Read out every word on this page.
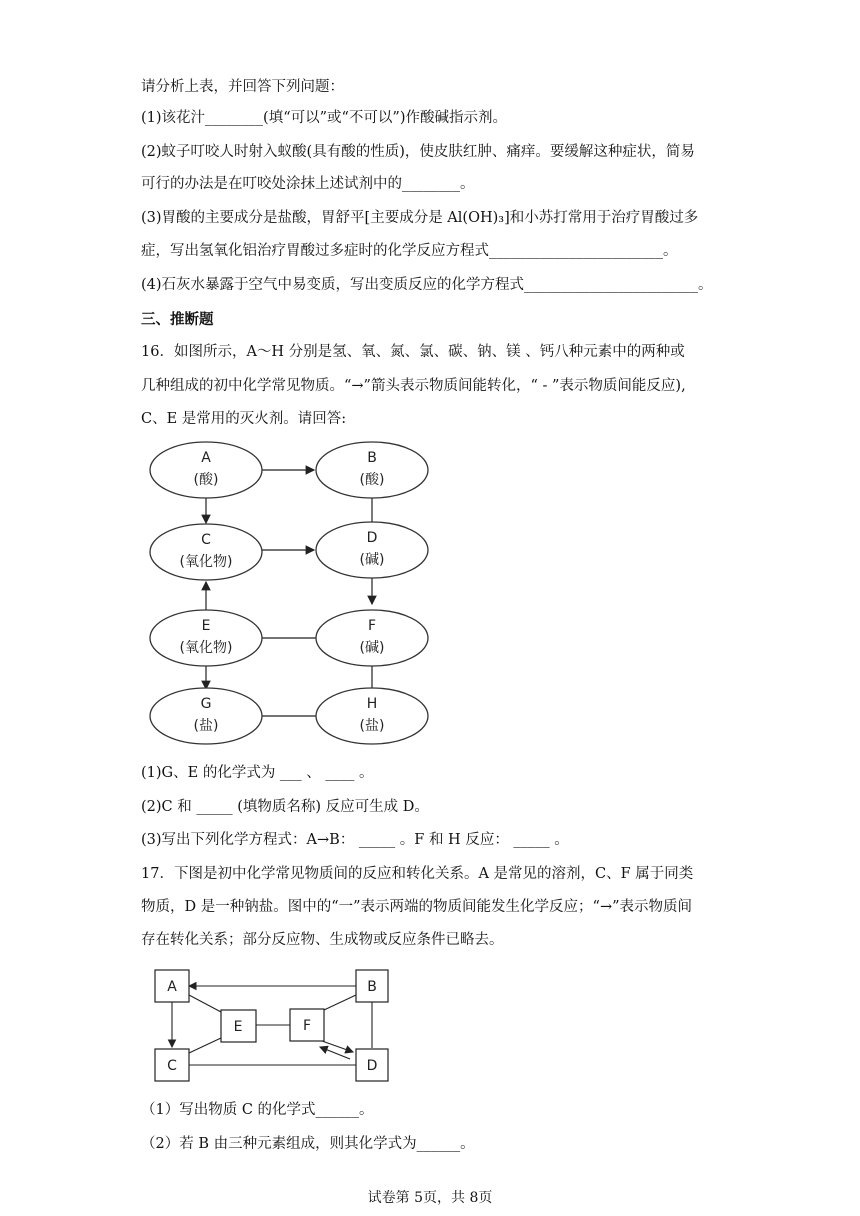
请分析上表，并回答下列问题：
(1)该花汁________(填“可以”或“不可以”)作酸碱指示剂。
(2)蚊子叮咬人时射入蚁酸(具有酸的性质)，使皮肤红肿、痛痒。要缓解这种症状，简易
可行的办法是在叮咬处涂抹上述试剂中的________。
(3)胃酸的主要成分是盐酸，胃舒平[主要成分是 Al(OH)₃]和小苏打常用于治疗胃酸过多
症，写出氢氧化铝治疗胃酸过多症时的化学反应方程式________________________。
(4)石灰水暴露于空气中易变质，写出变质反应的化学方程式________________________。
三、推断题
16．如图所示，A～H 分别是氢、氧、氮、氯、碳、钠、镁 、钙八种元素中的两种或
几种组成的初中化学常见物质。“→”箭头表示物质间能转化，“ - ”表示物质间能反应),
C、E 是常用的灭火剂。请回答:
A
(酸)
B
(酸)
C
(氧化物)
D
(碱)
E
(氧化物)
F
(碱)
G
(盐)
H
(盐)
(1)G、E 的化学式为 ___ 、 ____ 。
(2)C 和 _____ (填物质名称) 反应可生成 D。
(3)写出下列化学方程式：A→B： _____ 。F 和 H 反应： _____ 。
17．下图是初中化学常见物质间的反应和转化关系。A 是常见的溶剂，C、F 属于同类
物质，D 是一种钠盐。图中的“一”表示两端的物质间能发生化学反应；“→”表示物质间
存在转化关系；部分反应物、生成物或反应条件已略去。
A	B
C	D
E	F
（1）写出物质 C 的化学式______。
（2）若 B 由三种元素组成，则其化学式为______。
试卷第 5页，共 8页
